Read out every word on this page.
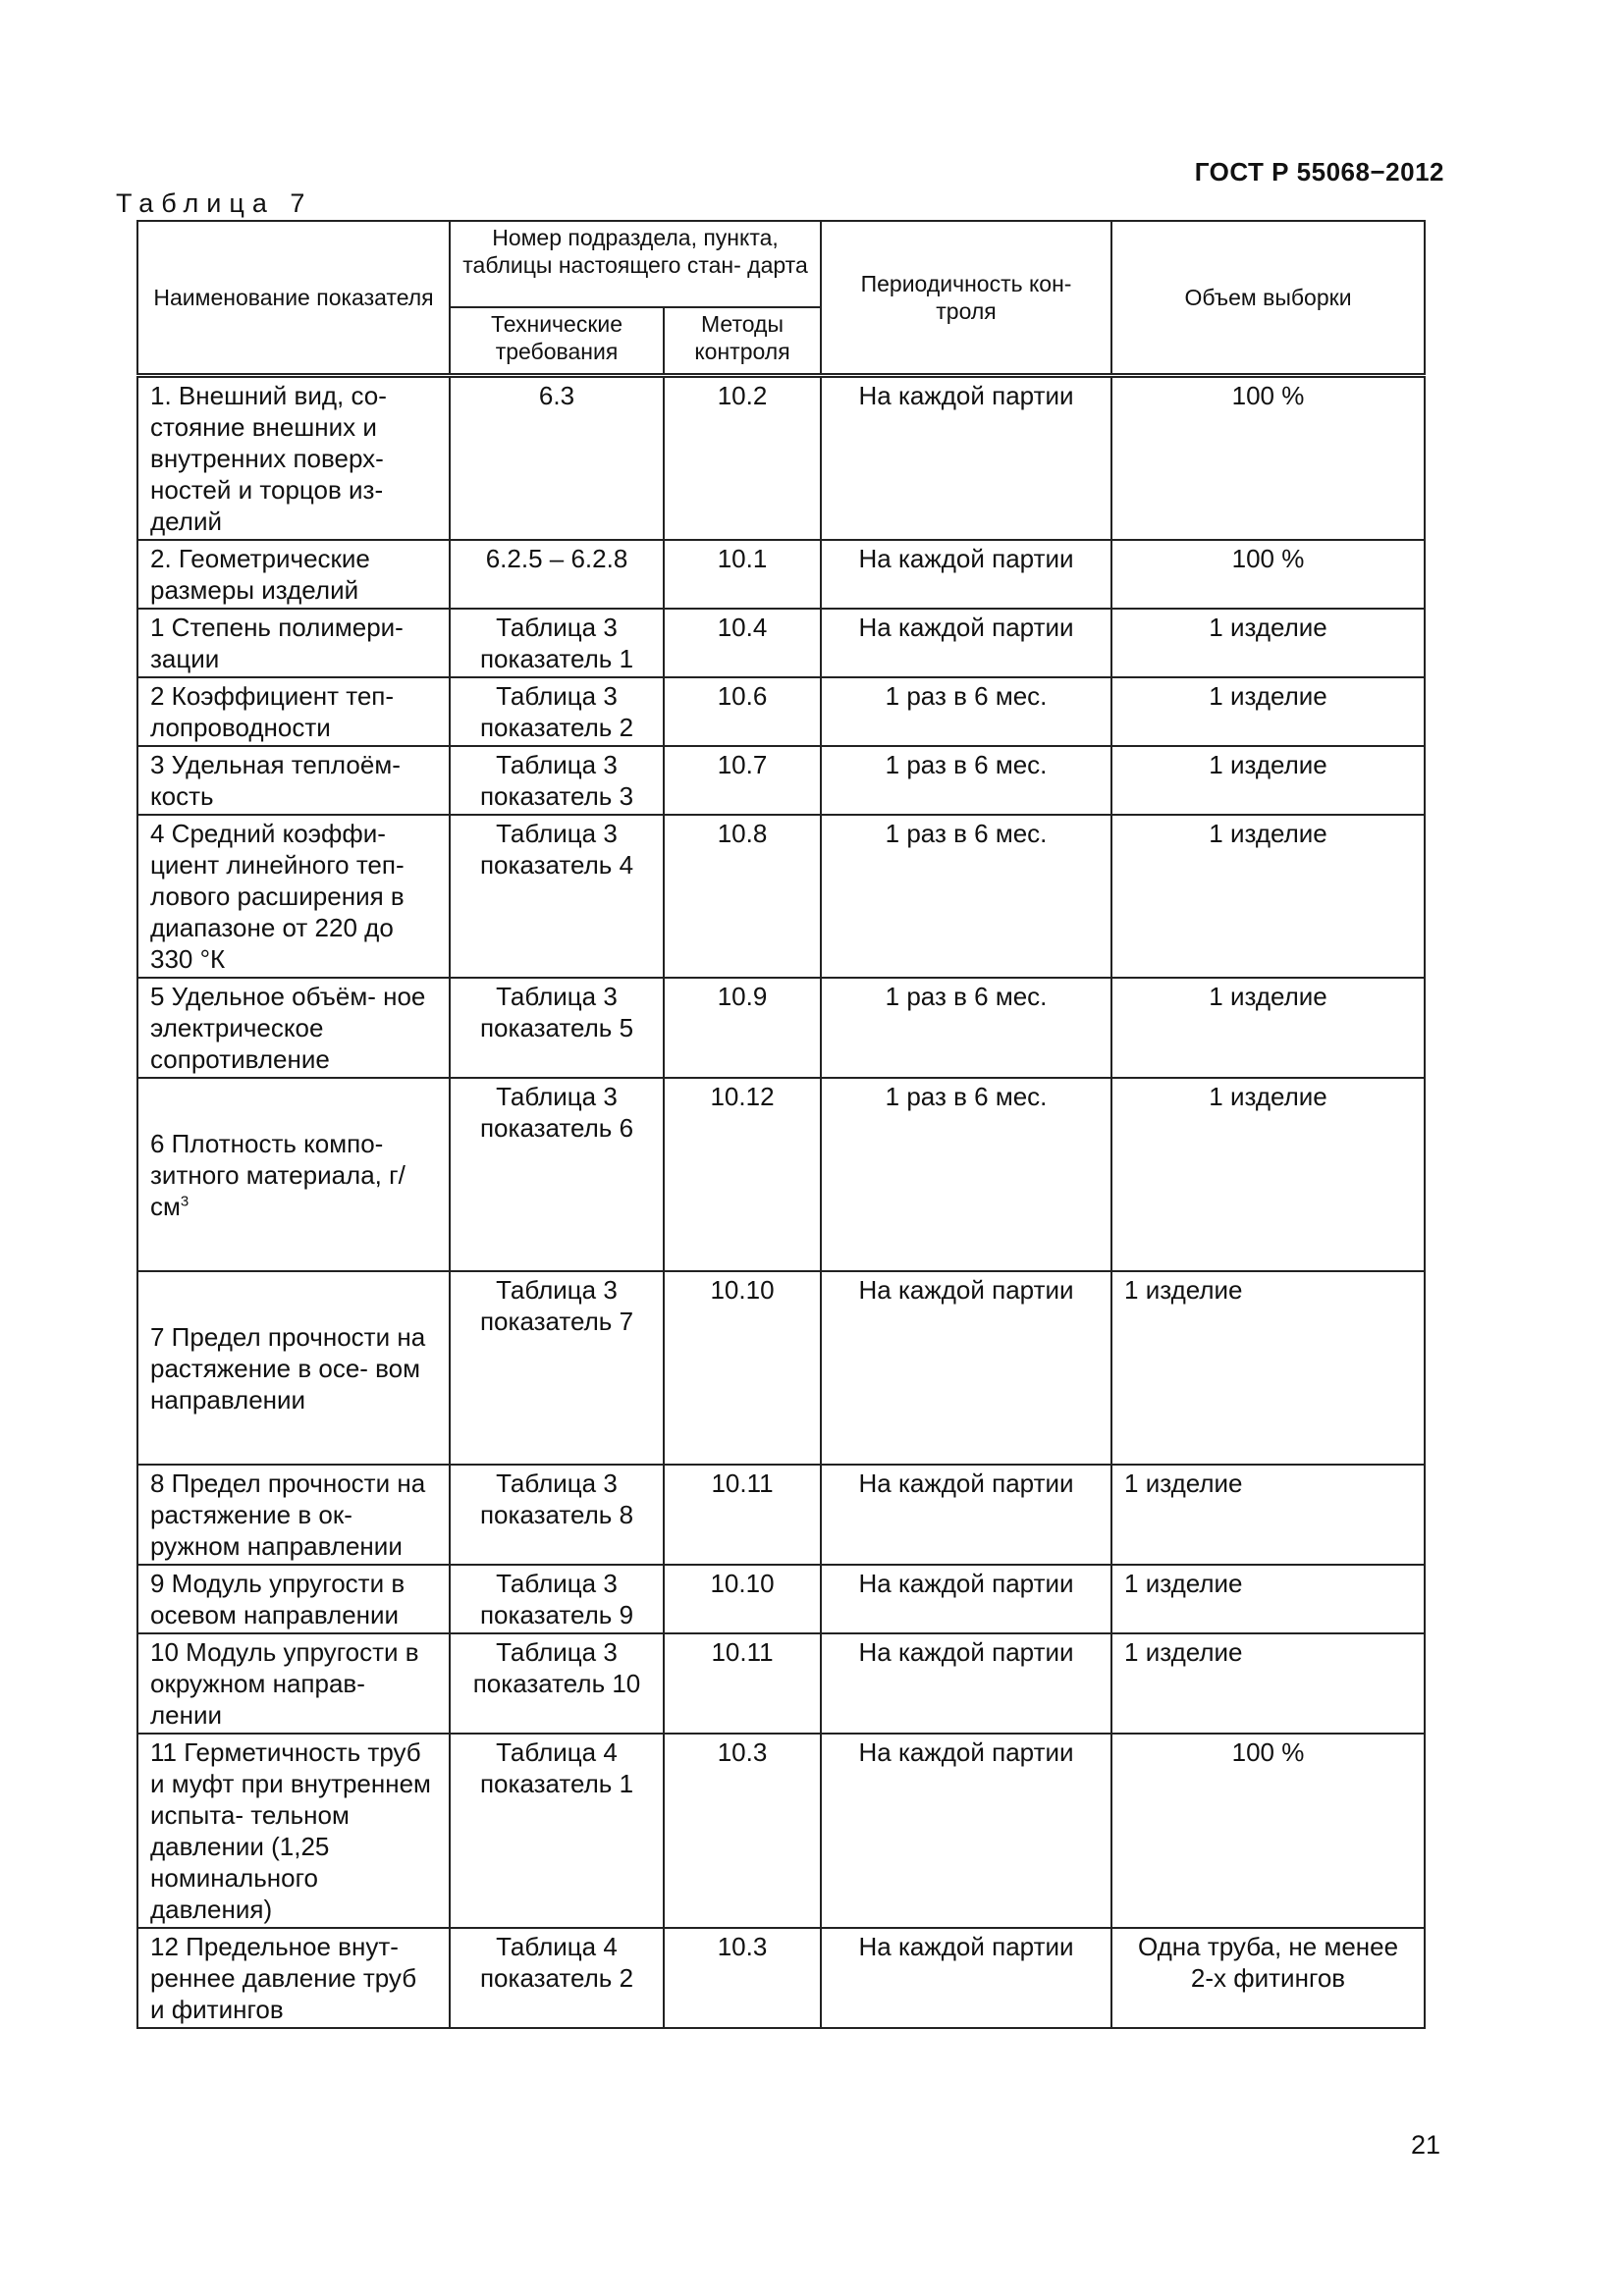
ГОСТ Р 55068−2012
Таблица 7
Наименование показателя	Номер подраздела, пункта, таблицы настоящего стан- дарта		Периодичность кон- троля	Объем выборки
	Технические требования	Методы контроля		
1. Внешний вид, со- стояние внешних и внутренних поверх- ностей и торцов из- делий	6.3	10.2	На каждой партии	100 %
2. Геометрические размеры изделий	6.2.5 – 6.2.8	10.1	На каждой партии	100 %
1 Степень полимери- зации	Таблица 3 показатель 1	10.4	На каждой партии	1 изделие
2 Коэффициент теп- лопроводности	Таблица 3 показатель 2	10.6	1 раз в 6 мес.	1 изделие
3 Удельная теплоём- кость	Таблица 3 показатель 3	10.7	1 раз в 6 мес.	1 изделие
4 Средний коэффи- циент линейного теп- лового расширения в диапазоне от 220 до 330 °К	Таблица 3 показатель 4	10.8	1 раз в 6 мес.	1 изделие
5 Удельное объём- ное электрическое сопротивление	Таблица 3 показатель 5	10.9	1 раз в 6 мес.	1 изделие
6 Плотность компо- зитного материала, $г/см^3$	Таблица 3 показатель 6	10.12	1 раз в 6 мес.	1 изделие
7 Предел прочности на растяжение в осе- вом направлении	Таблица 3 показатель 7	10.10	На каждой партии	1 изделие
8 Предел прочности на растяжение в ок- ружном направлении	Таблица 3 показатель 8	10.11	На каждой партии	1 изделие
9 Модуль упругости в осевом направлении	Таблица 3 показатель 9	10.10	На каждой партии	1 изделие
10 Модуль упругости в окружном направ- лении	Таблица 3 показатель 10	10.11	На каждой партии	1 изделие
11 Герметичность труб и муфт при внутреннем испыта- тельном давлении (1,25 номинального давления)	Таблица 4 показатель 1	10.3	На каждой партии	100 %
12 Предельное внут- реннее давление труб и фитингов	Таблица 4 показатель 2	10.3	На каждой партии	Одна труба, не менее 2-х фитингов
21
